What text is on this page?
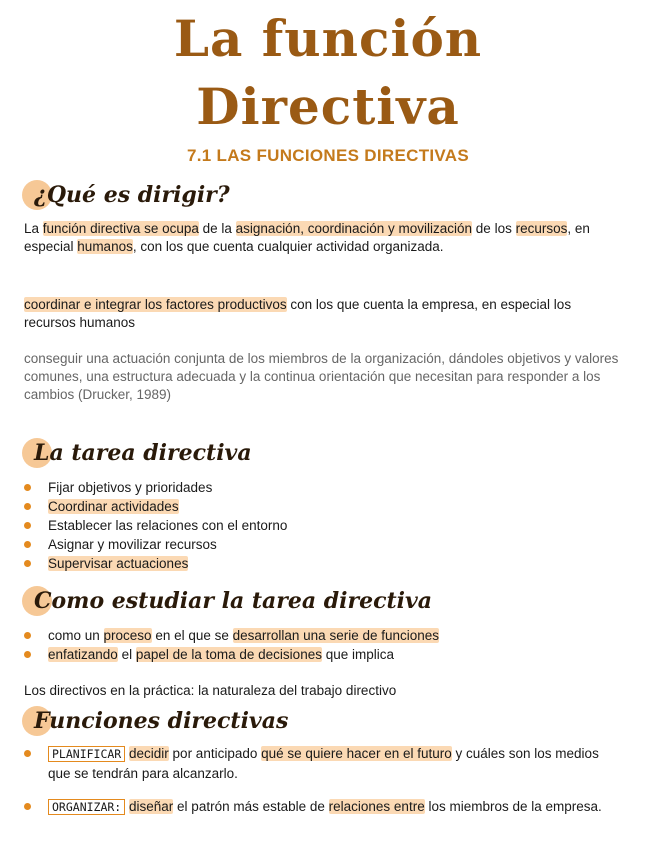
La función
Directiva
7.1 LAS FUNCIONES DIRECTIVAS
¿Qué es dirigir?
La función directiva se ocupa de la asignación, coordinación y movilización de los recursos, en especial humanos, con los que cuenta cualquier actividad organizada.
coordinar e integrar los factores productivos con los que cuenta la empresa, en especial los recursos humanos
conseguir una actuación conjunta de los miembros de la organización, dándoles objetivos y valores comunes, una estructura adecuada y la continua orientación que necesitan para responder a los cambios (Drucker, 1989)
La tarea directiva
Fijar objetivos y prioridades
Coordinar actividades
Establecer las relaciones con el entorno
Asignar y movilizar recursos
Supervisar actuaciones
Como estudiar la tarea directiva
como un proceso en el que se desarrollan una serie de funciones
enfatizando el papel de la toma de decisiones que implica
Los directivos en la práctica: la naturaleza del trabajo directivo
Funciones directivas
PLANIFICAR decidir por anticipado qué se quiere hacer en el futuro y cuáles son los medios que se tendrán para alcanzarlo.
ORGANIZAR: diseñar el patrón más estable de relaciones entre los miembros de la empresa.
